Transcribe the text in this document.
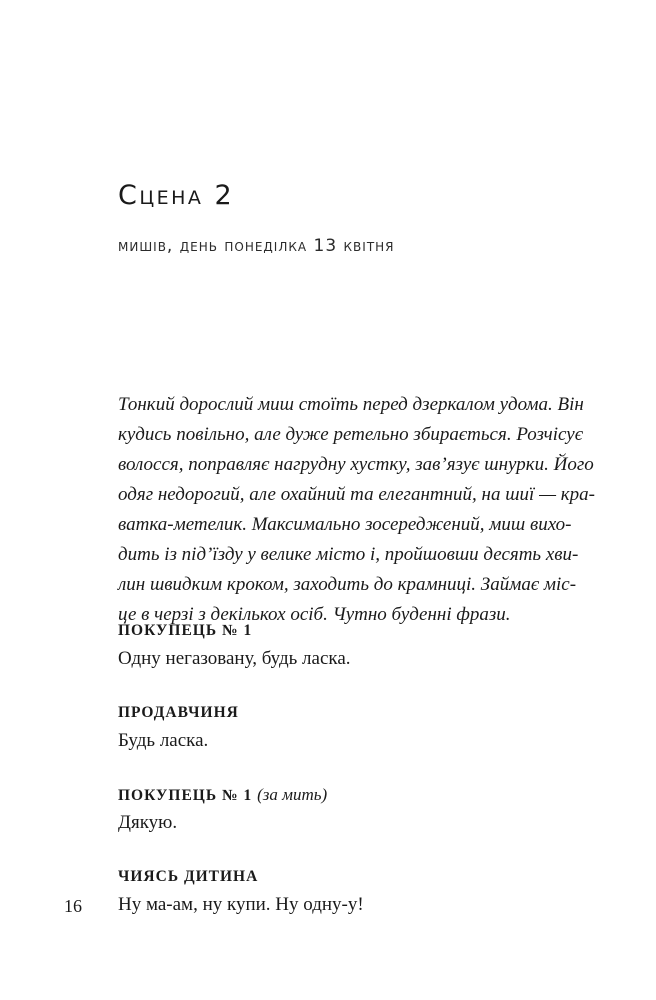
Сцена 2
мишів, день понеділка 13 квітня
Тонкий дорослий миш стоїть перед дзеркалом удома. Він
кудись повільно, але дуже ретельно збирається. Розчісує
волосся, поправляє нагрудну хустку, зав’язує шнурки. Його
одяг недорогий, але охайний та елегантний, на шиї — кра-
ватка-метелик. Максимально зосереджений, миш вихо-
дить із під’їзду у велике місто і, пройшовши десять хви-
лин швидким кроком, заходить до крамниці. Займає міс-
це в черзі з декількох осіб. Чутно буденні фрази.
ПОКУПЕЦЬ № 1
Одну негазовану, будь ласка.
ПРОДАВЧИНЯ
Будь ласка.
ПОКУПЕЦЬ № 1 (за мить)
Дякую.
ЧИЯСЬ ДИТИНА
Ну ма-ам, ну купи. Ну одну-у!
16
